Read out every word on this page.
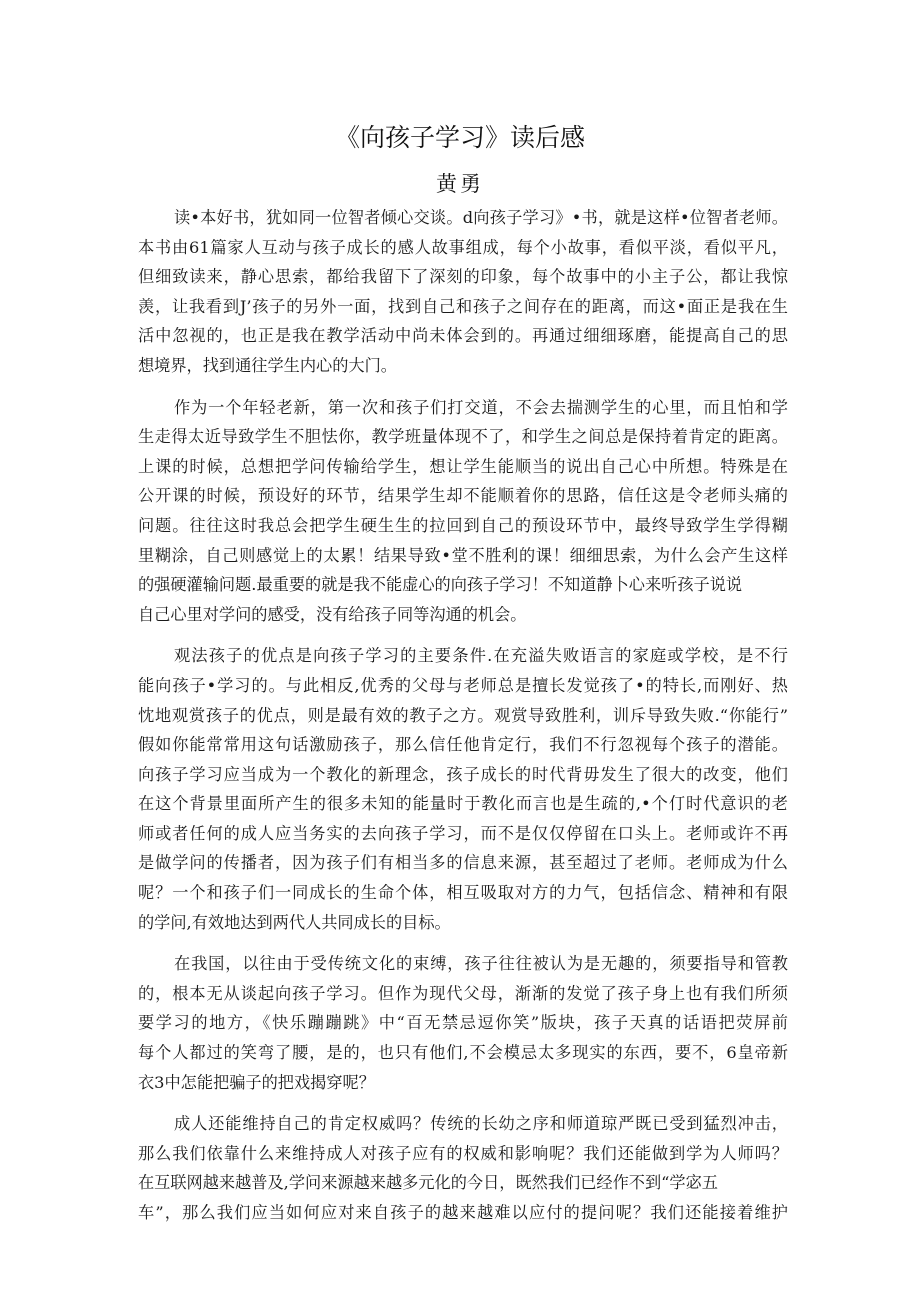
《向孩子学习》读后感
黄勇
读•本好书，犹如同一位智者倾心交谈。d向孩子学习》•书，就是这样•位智者老师。
本书由61篇家人互动与孩子成长的感人故事组成，每个小故事，看似平淡，看似平凡，
但细致读来，静心思索，都给我留下了深刻的印象，每个故事中的小主子公，都让我惊
羡，让我看到J’孩子的另外一面，找到自己和孩子之间存在的距离，而这•面正是我在生
活中忽视的，也正是我在教学活动中尚未体会到的。再通过细细琢磨，能提高自己的思
想境界，找到通往学生内心的大门。
作为一个年轻老新，第一次和孩子们打交道，不会去揣测学生的心里，而且怕和学
生走得太近导致学生不胆怯你，教学班量体现不了，和学生之间总是保持着肯定的距离。
上课的时候，总想把学问传输给学生，想让学生能顺当的说出自己心中所想。特殊是在
公开课的时候，预设好的环节，结果学生却不能顺着你的思路，信任这是令老师头痛的
问题。往往这时我总会把学生硬生生的拉回到自己的预设环节中，最终导致学生学得糊
里糊涂，自己则感觉上的太累！结果导致•堂不胜利的课！细细思索，为什么会产生这样
的强硬灌输问题.最重要的就是我不能虚心的向孩子学习！不知道静卜心来听孩子说说
自己心里对学问的感受，没有给孩子同等沟通的机会。
观法孩子的优点是向孩子学习的主要条件.在充溢失败语言的家庭或学校，是不行
能向孩子•学习的。与此相反,优秀的父母与老师总是擅长发觉孩了•的特长,而刚好、热
忱地观赏孩子的优点，则是最有效的教子之方。观赏导致胜利，训斥导致失败.“你能行”
假如你能常常用这句话激励孩子，那么信任他肯定行，我们不行忽视每个孩子的潜能。
向孩子学习应当成为一个教化的新理念，孩子成长的时代背毋发生了很大的改变，他们
在这个背景里面所产生的很多未知的能量时于教化而言也是生疏的,•个仃时代意识的老
师或者任何的成人应当务实的去向孩子学习，而不是仅仅停留在口头上。老师或许不再
是做学问的传播者，因为孩子们有相当多的信息来源，甚至超过了老师。老师成为什么
呢？一个和孩子们一同成长的生命个体，相互吸取对方的力气，包括信念、精神和有限
的学问,有效地达到两代人共同成长的目标。
在我国，以往由于受传统文化的束缚，孩子往往被认为是无趣的，须要指导和管教
的，根本无从谈起向孩子学习。但作为现代父母，渐渐的发觉了孩子身上也有我们所须
要学习的地方，《快乐蹦蹦跳》中“百无禁忌逗你笑”版块，孩子天真的话语把荧屏前
每个人都过的笑弯了腰，是的，也只有他们,不会模忌太多现实的东西，要不，6皇帝新
衣3中怎能把骗子的把戏揭穿呢？
成人还能维持自己的肯定权威吗？传统的长幼之序和师道琼严既已受到猛烈冲击，
那么我们依靠什么来维持成人对孩子应有的权威和影响呢？我们还能做到学为人师吗？
在互联网越来越普及,学问来源越来越多元化的今日，既然我们已经作不到“学宓五
车”，那么我们应当如何应对来自孩子的越来越难以应付的提问呢？我们还能接着维护
